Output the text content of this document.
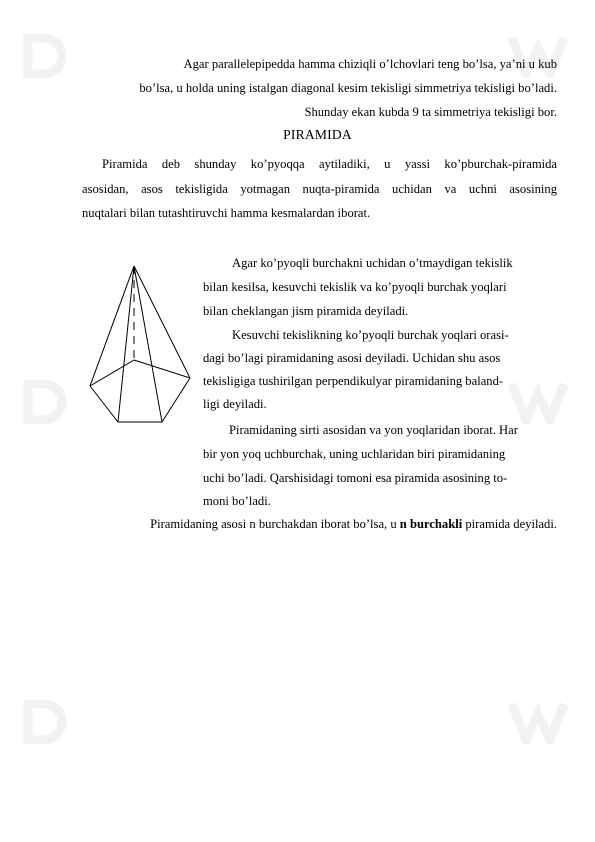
Agar parallelepipedda hamma chiziqli o’lchovlari teng bo’lsa, ya’ni u kub
bo’lsa, u holda uning istalgan diagonal kesim tekisligi simmetriya tekisligi bo’ladi.
Shunday ekan kubda 9 ta simmetriya tekisligi bor.
PIRAMIDA
Piramida deb shunday ko’pyoqqa aytiladiki, u yassi ko’pburchak-piramida
asosidan, asos tekisligida yotmagan nuqta-piramida uchidan va uchni asosining
nuqtalari bilan tutashtiruvchi hamma kesmalardan iborat.
Agar ko’pyoqli burchakni uchidan o’tmaydigan tekislik
bilan kesilsa, kesuvchi tekislik va ko’pyoqli burchak yoqlari
bilan cheklangan jism piramida deyiladi.
Kesuvchi tekislikning ko’pyoqli burchak yoqlari orasi-
dagi bo’lagi piramidaning asosi deyiladi. Uchidan shu asos
tekisligiga tushirilgan perpendikulyar piramidaning baland-
ligi deyiladi.
Piramidaning sirti asosidan va yon yoqlaridan iborat. Har
bir yon yoq uchburchak, uning uchlaridan biri piramidaning
uchi bo’ladi. Qarshisidagi tomoni esa piramida asosining to-
moni bo’ladi.
Piramidaning asosi n burchakdan iborat bo’lsa, u n burchakli piramida deyiladi.
